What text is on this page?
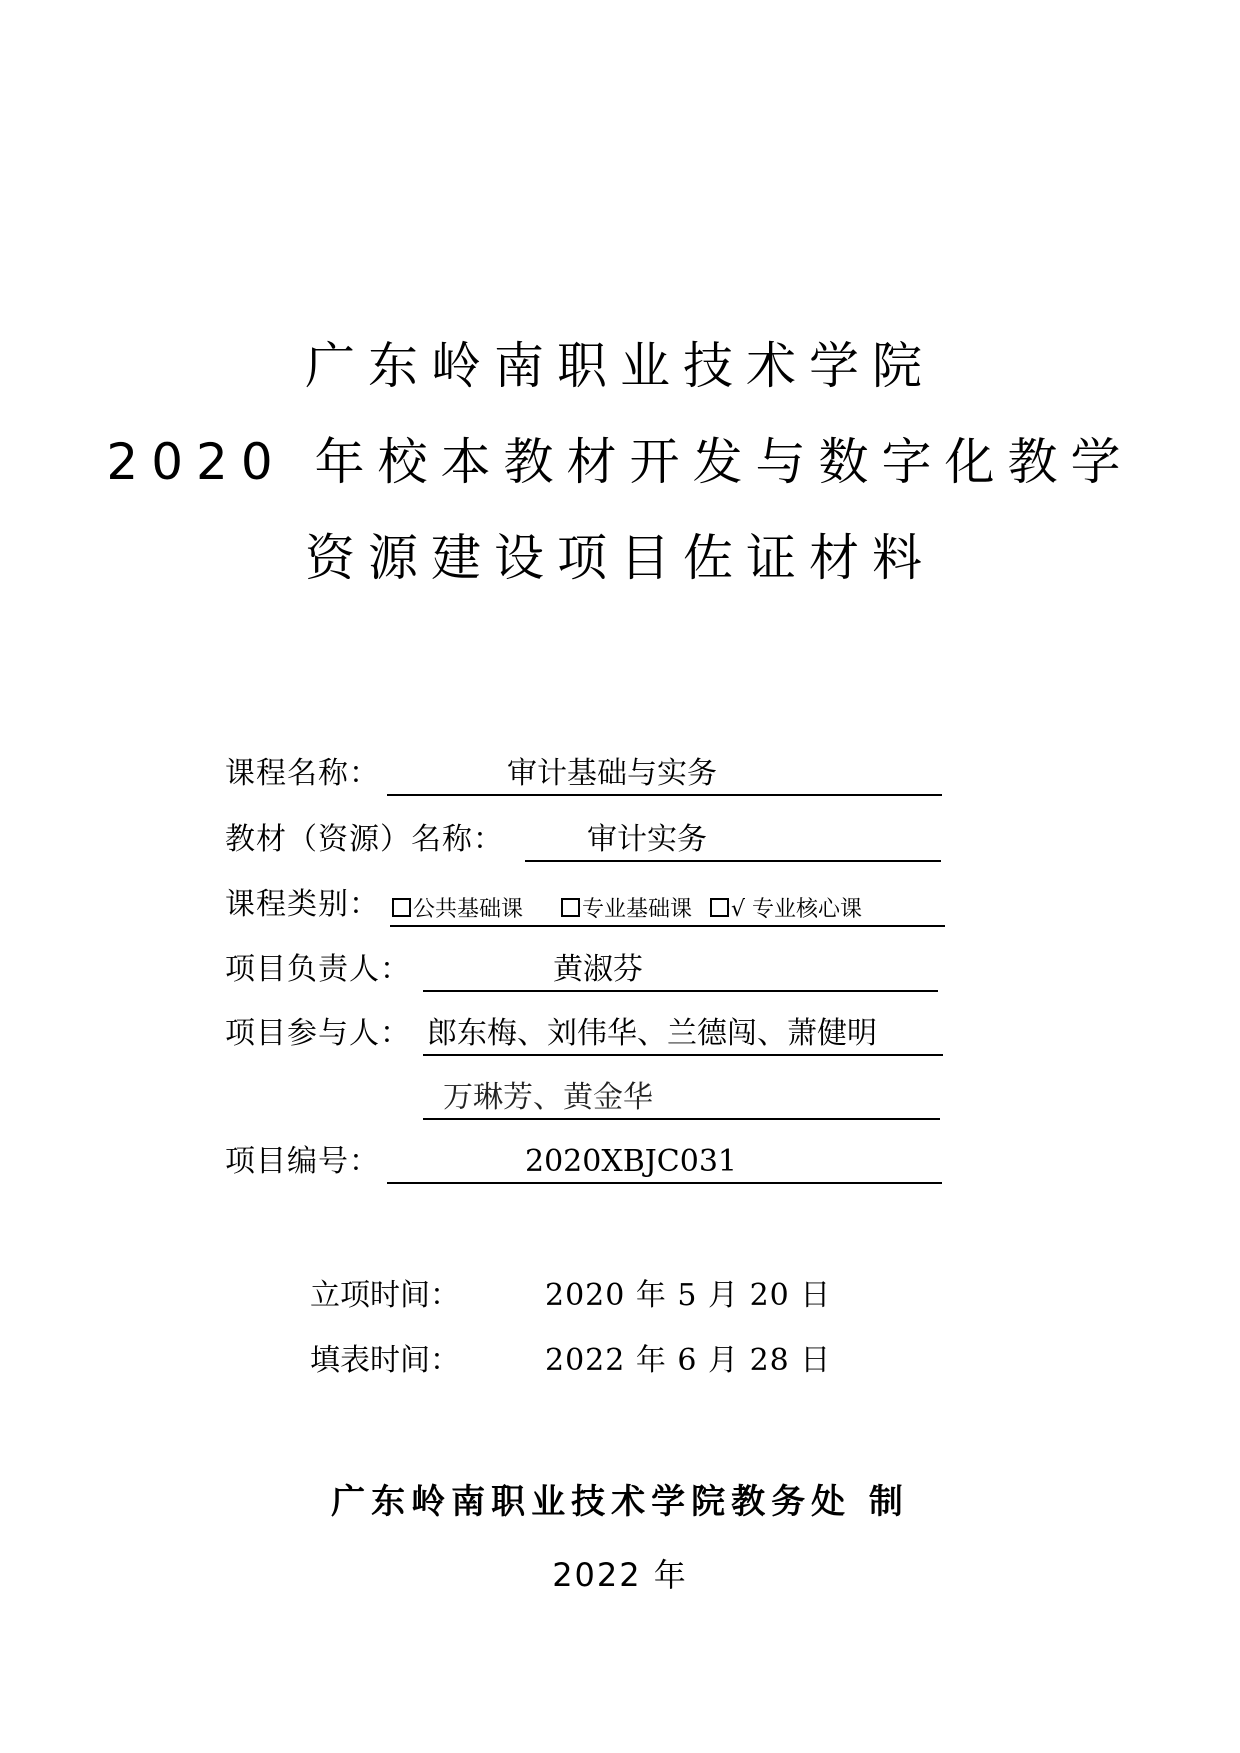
广东岭南职业技术学院
2020 年校本教材开发与数字化教学
资源建设项目佐证材料
课程名称：	审计基础与实务
教材（资源）名称：	审计实务
课程类别：	公共基础课	专业基础课 √ 专业核心课
项目负责人：	黄淑芬
项目参与人： 郎东梅、刘伟华、兰德闯、萧健明
万琳芳、黄金华
项目编号：	2020XBJC031
立项时间：	2020 年 5 月 20 日
填表时间：	2022 年 6 月 28 日
广东岭南职业技术学院教务处 制
2022 年
